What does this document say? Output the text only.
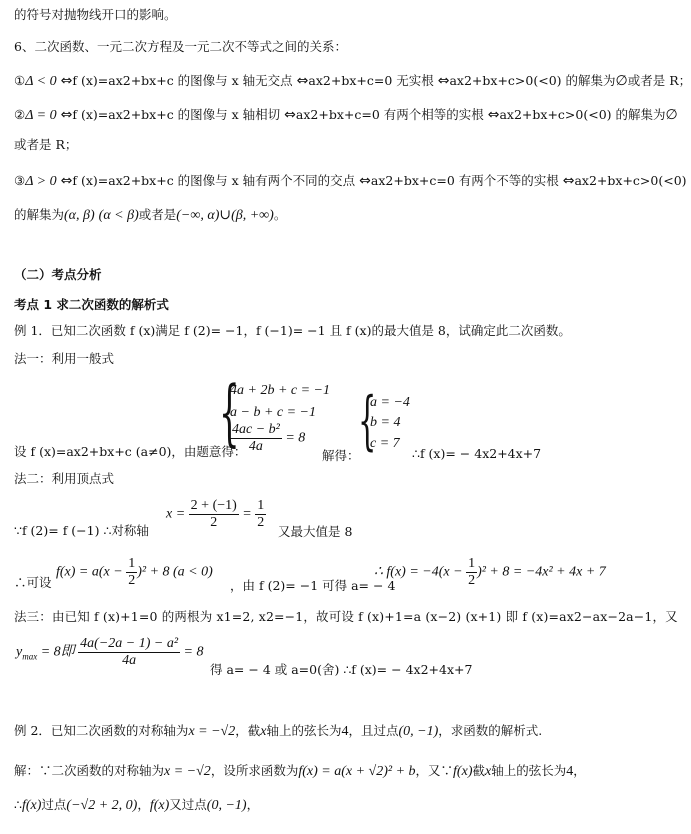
的符号对抛物线开口的影响。
6、二次函数、一元二次方程及一元二次不等式之间的关系：
①Δ < 0 ⇔f (x)=ax2+bx+c 的图像与 x 轴无交点 ⇔ax2+bx+c=0 无实根 ⇔ax2+bx+c>0(<0) 的解集为∅或者是 R；
②Δ = 0 ⇔f (x)=ax2+bx+c 的图像与 x 轴相切 ⇔ax2+bx+c=0 有两个相等的实根 ⇔ax2+bx+c>0(<0) 的解集为∅
或者是 R；
③Δ > 0 ⇔f (x)=ax2+bx+c 的图像与 x 轴有两个不同的交点 ⇔ax2+bx+c=0 有两个不等的实根 ⇔ax2+bx+c>0(<0)
的解集为(α, β) (α < β)或者是(−∞, α)∪(β, +∞)。
（二）考点分析
考点 1 求二次函数的解析式
例 1．已知二次函数 f (x)满足 f (2)= −1，f (−1)= −1 且 f (x)的最大值是 8，试确定此二次函数。
法一：利用一般式
{
4a + 2b + c = −1
a − b + c = −1
$\frac{\text{4ac − b²}}{4a} = 8$
设 f (x)=ax2+bx+c (a≠0)，由题意得：	解得：
{
a = −4
b = 4
c = 7
∴f (x)= − 4x2+4x+7
法二：利用顶点式
$x = \frac{2 + (-1)}{2} = \frac{1}{2}$
∵f (2)= f (−1) ∴对称轴	又最大值是 8
∴可设
$f(x) = a(x - \frac{1}{2} )^2 + 8$ (a < 0)
，由 f (2)= −1 可得 a= − 4
∴ $f(x) = -4(x - \frac{1}{2} )^2 + 8 = -4x^2 + 4x + 7$
法三：由已知 f (x)+1=0 的两根为 x1=2, x2=−1，故可设 f (x)+1=a (x−2) (x+1) 即 f (x)=ax2−ax−2a−1，又
$y_{max} = 8$即 $\frac{\text{4a(−2a − 1) − a²}}{4a} = 8$
得 a= − 4 或 a=0(舍) ∴f (x)= − 4x2+4x+7
例 2．已知二次函数的对称轴为x = −√2，截x轴上的弦长为4，且过点(0, −1)，求函数的解析式.
解：∵二次函数的对称轴为x = −√2，设所求函数为f(x) = a(x + √2)² + b，又∵f(x)截x轴上的弦长为4，
∴f(x)过点(−√2 + 2, 0)，f(x)又过点(0, −1)，
